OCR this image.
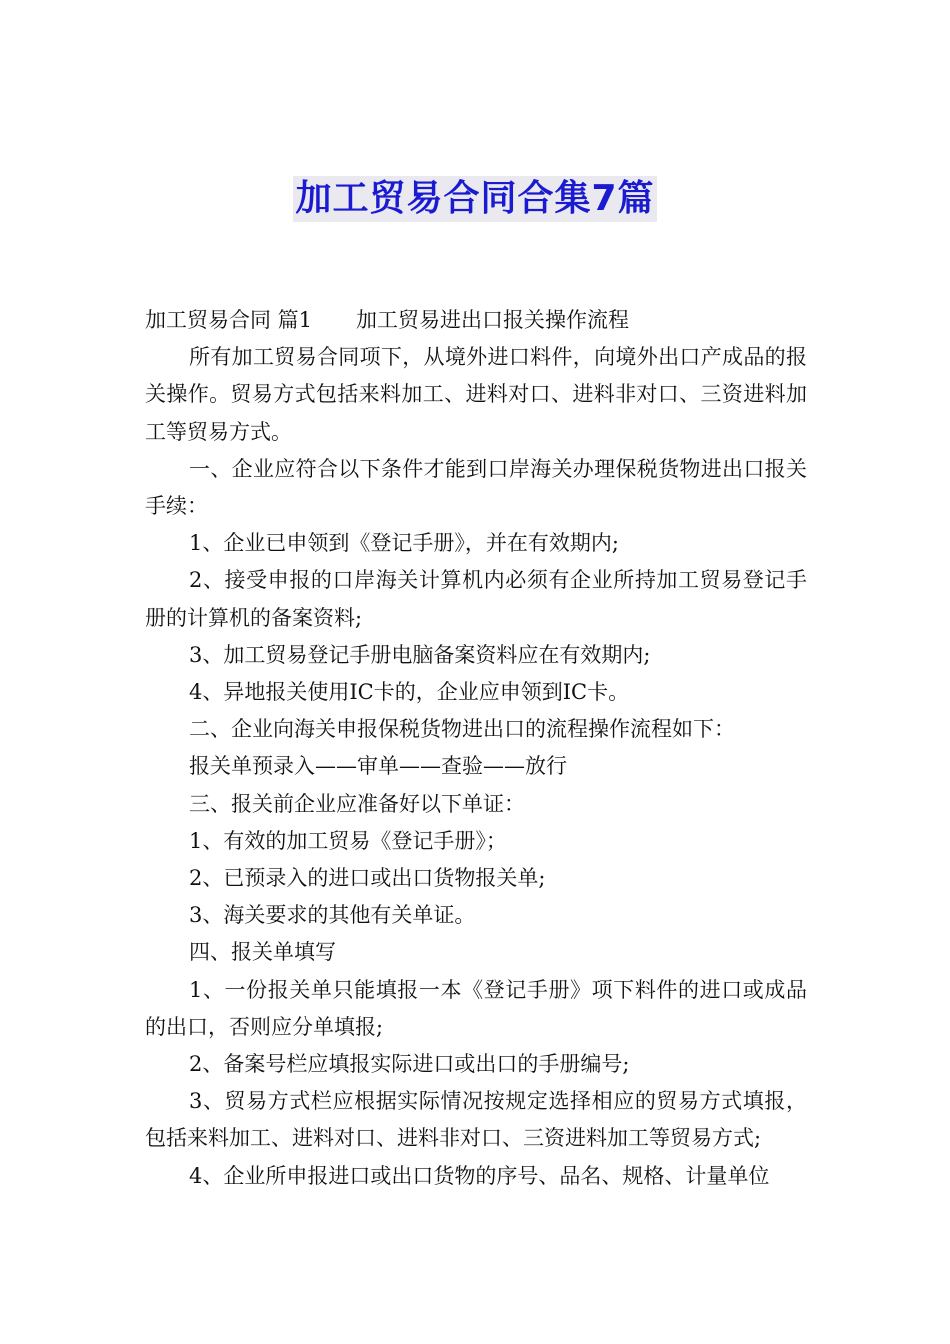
加工贸易合同合集7篇
加工贸易合同 篇1 加工贸易进出口报关操作流程

所有加工贸易合同项下，从境外进口料件，向境外出口产成品的报关操作。贸易方式包括来料加工、进料对口、进料非对口、三资进料加工等贸易方式。

一、企业应符合以下条件才能到口岸海关办理保税货物进出口报关手续：

1、企业已申领到《登记手册》，并在有效期内;

2、接受申报的口岸海关计算机内必须有企业所持加工贸易登记手册的计算机的备案资料;

3、加工贸易登记手册电脑备案资料应在有效期内;

4、异地报关使用IC卡的，企业应申领到IC卡。

二、企业向海关申报保税货物进出口的流程操作流程如下：

报关单预录入——审单——查验——放行

三、报关前企业应准备好以下单证：

1、有效的加工贸易《登记手册》；

2、已预录入的进口或出口货物报关单;

3、海关要求的其他有关单证。

四、报关单填写

1、一份报关单只能填报一本《登记手册》项下料件的进口或成品的出口，否则应分单填报;

2、备案号栏应填报实际进口或出口的手册编号;

3、贸易方式栏应根据实际情况按规定选择相应的贸易方式填报，包括来料加工、进料对口、进料非对口、三资进料加工等贸易方式;

4、企业所申报进口或出口货物的序号、品名、规格、计量单位
